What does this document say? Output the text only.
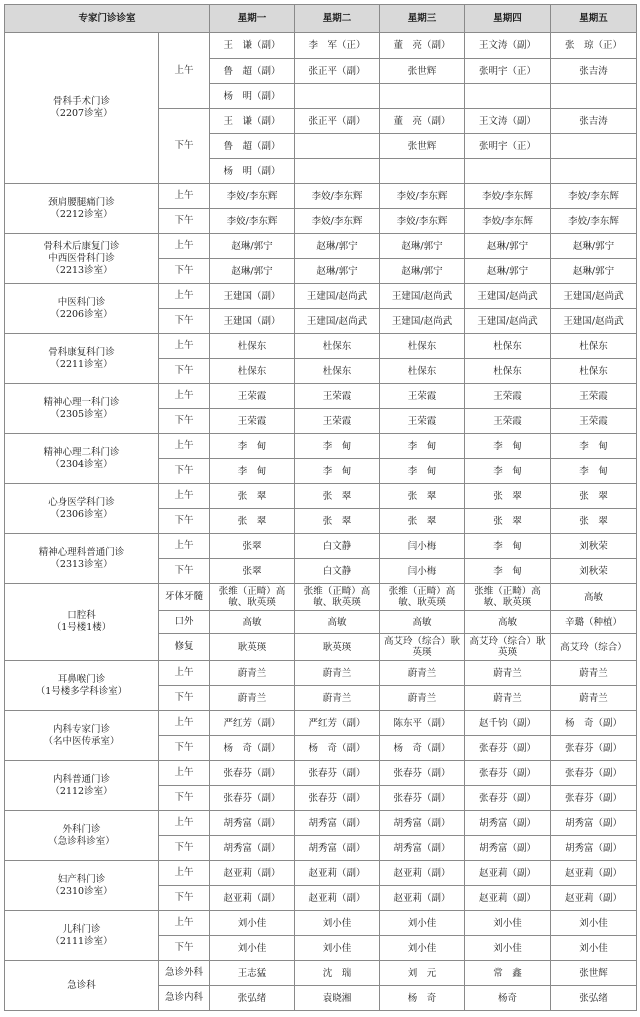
专家门诊诊室		星期一	星期二	星期三	星期四	星期五

骨科手术门诊
（2207诊室）	上午	王　谦（副）	李　军（正）	董　亮（副）	王文涛（副）	张　琼（正）
		鲁　超（副）	张正平（副）	张世辉	张明宇（正）	张吉涛
		杨　明（副）				
	下午	王　谦（副）	张正平（副）	董　亮（副）	王文涛（副）	张吉涛
		鲁　超（副）		张世辉	张明宇（正）	
		杨　明（副）				

颈肩腰腿痛门诊
（2212诊室）	上午	李姣/李东辉	李姣/李东辉	李姣/李东辉	李姣/李东辉	李姣/李东辉
	下午	李姣/李东辉	李姣/李东辉	李姣/李东辉	李姣/李东辉	李姣/李东辉

骨科术后康复门诊
中西医骨科门诊
（2213诊室）	上午	赵琳/郭宁	赵琳/郭宁	赵琳/郭宁	赵琳/郭宁	赵琳/郭宁
	下午	赵琳/郭宁	赵琳/郭宁	赵琳/郭宁	赵琳/郭宁	赵琳/郭宁

中医科门诊
（2206诊室）	上午	王建国（副）	王建国/赵尚武	王建国/赵尚武	王建国/赵尚武	王建国/赵尚武
	下午	王建国（副）	王建国/赵尚武	王建国/赵尚武	王建国/赵尚武	王建国/赵尚武

骨科康复科门诊
（2211诊室）	上午	杜保东	杜保东	杜保东	杜保东	杜保东
	下午	杜保东	杜保东	杜保东	杜保东	杜保东

精神心理一科门诊
（2305诊室）	上午	王荣霞	王荣霞	王荣霞	王荣霞	王荣霞
	下午	王荣霞	王荣霞	王荣霞	王荣霞	王荣霞

精神心理二科门诊
（2304诊室）	上午	李　甸	李　甸	李　甸	李　甸	李　甸
	下午	李　甸	李　甸	李　甸	李　甸	李　甸

心身医学科门诊
（2306诊室）	上午	张　翠	张　翠	张　翠	张　翠	张　翠
	下午	张　翠	张　翠	张　翠	张　翠	张　翠

精神心理科普通门诊
（2313诊室）	上午	张翠	白文静	闫小梅	李　甸	刘秋荣
	下午	张翠	白文静	闫小梅	李　甸	刘秋荣

口腔科
（1号楼1楼）	牙体牙髓	张维（正畸）高敏、耿英瑛	张维（正畸）高敏、耿英瑛	张维（正畸）高敏、耿英瑛	张维（正畸）高敏、耿英瑛	高敏
	口外	高敏	高敏	高敏	高敏	辛璐（种植）
	修复	耿英瑛	耿英瑛	高艾玲（综合）耿英瑛	高艾玲（综合）耿英瑛	高艾玲（综合）

耳鼻喉门诊
（1号楼多学科诊室）	上午	蔚青兰	蔚青兰	蔚青兰	蔚青兰	蔚青兰
	下午	蔚青兰	蔚青兰	蔚青兰	蔚青兰	蔚青兰

内科专家门诊
（名中医传承室）	上午	严红芳（副）	严红芳（副）	陈东平（副）	赵千钧（副）	杨　奇（副）
	下午	杨　奇（副）	杨　奇（副）	杨　奇（副）	张春芬（副）	张春芬（副）

内科普通门诊
（2112诊室）	上午	张春芬（副）	张春芬（副）	张春芬（副）	张春芬（副）	张春芬（副）
	下午	张春芬（副）	张春芬（副）	张春芬（副）	张春芬（副）	张春芬（副）

外科门诊
（急诊科诊室）	上午	胡秀富（副）	胡秀富（副）	胡秀富（副）	胡秀富（副）	胡秀富（副）
	下午	胡秀富（副）	胡秀富（副）	胡秀富（副）	胡秀富（副）	胡秀富（副）

妇产科门诊
（2310诊室）	上午	赵亚莉（副）	赵亚莉（副）	赵亚莉（副）	赵亚莉（副）	赵亚莉（副）
	下午	赵亚莉（副）	赵亚莉（副）	赵亚莉（副）	赵亚莉（副）	赵亚莉（副）

儿科门诊
（2111诊室）	上午	刘小佳	刘小佳	刘小佳	刘小佳	刘小佳
	下午	刘小佳	刘小佳	刘小佳	刘小佳	刘小佳

急诊科	急诊外科	王志猛	沈　瑞	刘　元	常　鑫	张世辉
	急诊内科	张弘绪	袁晓湘	杨　奇	杨奇	张弘绪
